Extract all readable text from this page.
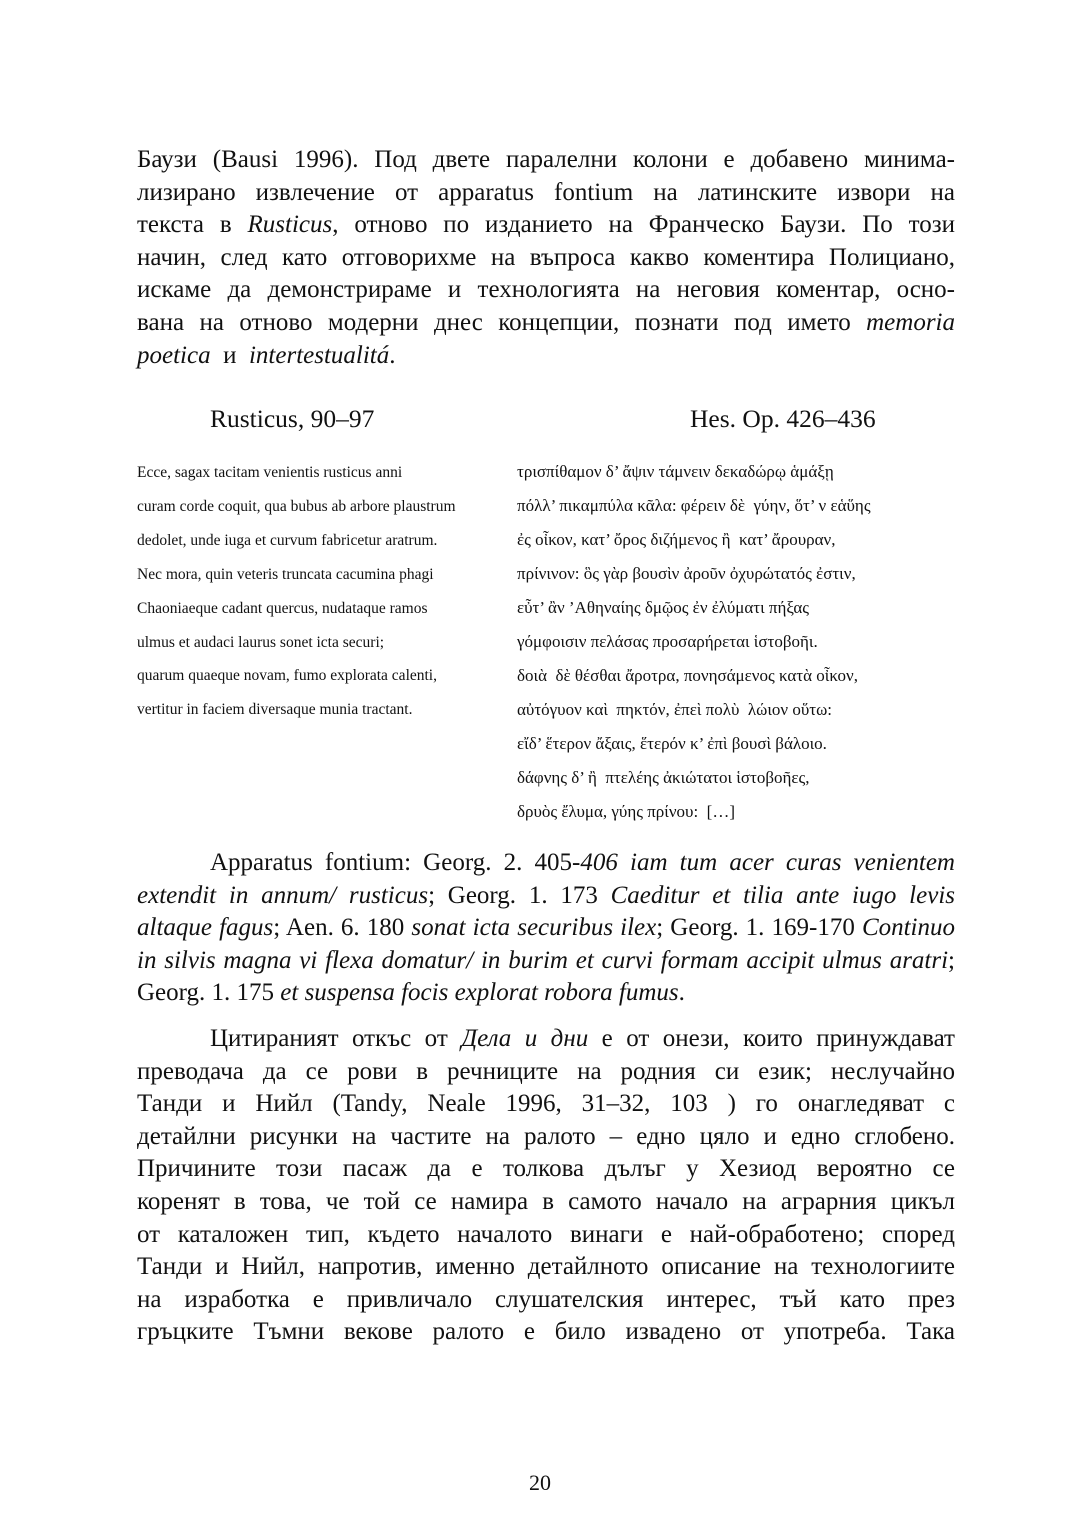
Баузи (Bausi 1996). Под двете паралелни колони е добавено минима-
лизирано извлечение от apparatus fontium на латинските извори на
текста в Rusticus, отново по изданието на Франческо Баузи. По този
начин, след като отговорихме на въпроса какво коментира Полициано,
искаме да демонстрираме и технологията на неговия коментар, осно-
вана на отново модерни днес концепции, познати под името memoria
poetica  и  intertestualitá.
Rusticus, 90–97	Hes. Op. 426–436
Ecce, sagax tacitam venientis rusticus anni
curam corde coquit, qua bubus ab arbore plaustrum
dedolet, unde iuga et curvum fabricetur aratrum.
Nec mora, quin veteris truncata cacumina phagi
Chaoniaeque cadant quercus, nudataque ramos
ulmus et audaci laurus sonet icta securi;
quarum quaeque novam, fumo explorata calenti,
vertitur in faciem diversaque munia tractant.
τρισπίθαμον δ’ ἄψιν τάμνειν δεκαδώρῳ ἁμάξῃ
πόλλ’ πικαμπύλα κᾶλα: φέρειν δὲ  γύην, ὅτ’ ν εἁὕης
ἐς οἶκον, κατ’ ὄρος διζήμενος ἢ  κατ’ ἄρουραν,
πρίνινον: ὃς γὰρ βουσὶν ἀροῦν ὀχυρώτατός ἐστιν,
εὖτ’ ἂν ’Αθηναίης δμῷος ἐν ἐλύματι πήξας
γόμφοισιν πελάσας προσαρήρεται ἱστοβοῆι.
δοιὰ  δὲ θέσθαι ἄροτρα, πονησάμενος κατὰ οἶκον,
αὐτόγυον καὶ  πηκτόν, ἐπεὶ πολὺ  λώιον οὕτω:
εἴδ’ ἕτερον ἄξαις, ἕτερόν κ’ ἐπὶ βουσὶ βάλοιο.
δάφνης δ’ ἢ  πτελέης ἀκιώτατοι ἱστοβοῆες,
δρυὸς ἔλυμα, γύης πρίνου:  […]
Apparatus fontium: Georg. 2. 405-406 iam tum acer curas venientem
extendit in annum/ rusticus; Georg. 1. 173 Caeditur et tilia ante iugo levis
altaque fagus; Aen. 6. 180 sonat icta securibus ilex; Georg. 1. 169-170 Continuo
in silvis magna vi flexa domatur/ in burim et curvi formam accipit ulmus aratri;
Georg. 1. 175 et suspensa focis explorat robora fumus.
Цитираният откъс от Дела и дни е от онези, които принуждават
преводача да се рови в речниците на родния си език; неслучайно
Танди и Нийл (Tandy, Neale 1996, 31–32, 103 ) го онагледяват с
детайлни рисунки на частите на ралото – едно цяло и едно сглобено.
Причините този пасаж да е толкова дълъг у Хезиод вероятно се
коренят в това, че той се намира в самото начало на аграрния цикъл
от каталожен тип, където началото винаги е най-обработено; според
Танди и Нийл, напротив, именно детайлното описание на технологиите
на изработка е привличало слушателския интерес, тъй като през
гръцките Тъмни векове ралото е било извадено от употреба. Така
20
